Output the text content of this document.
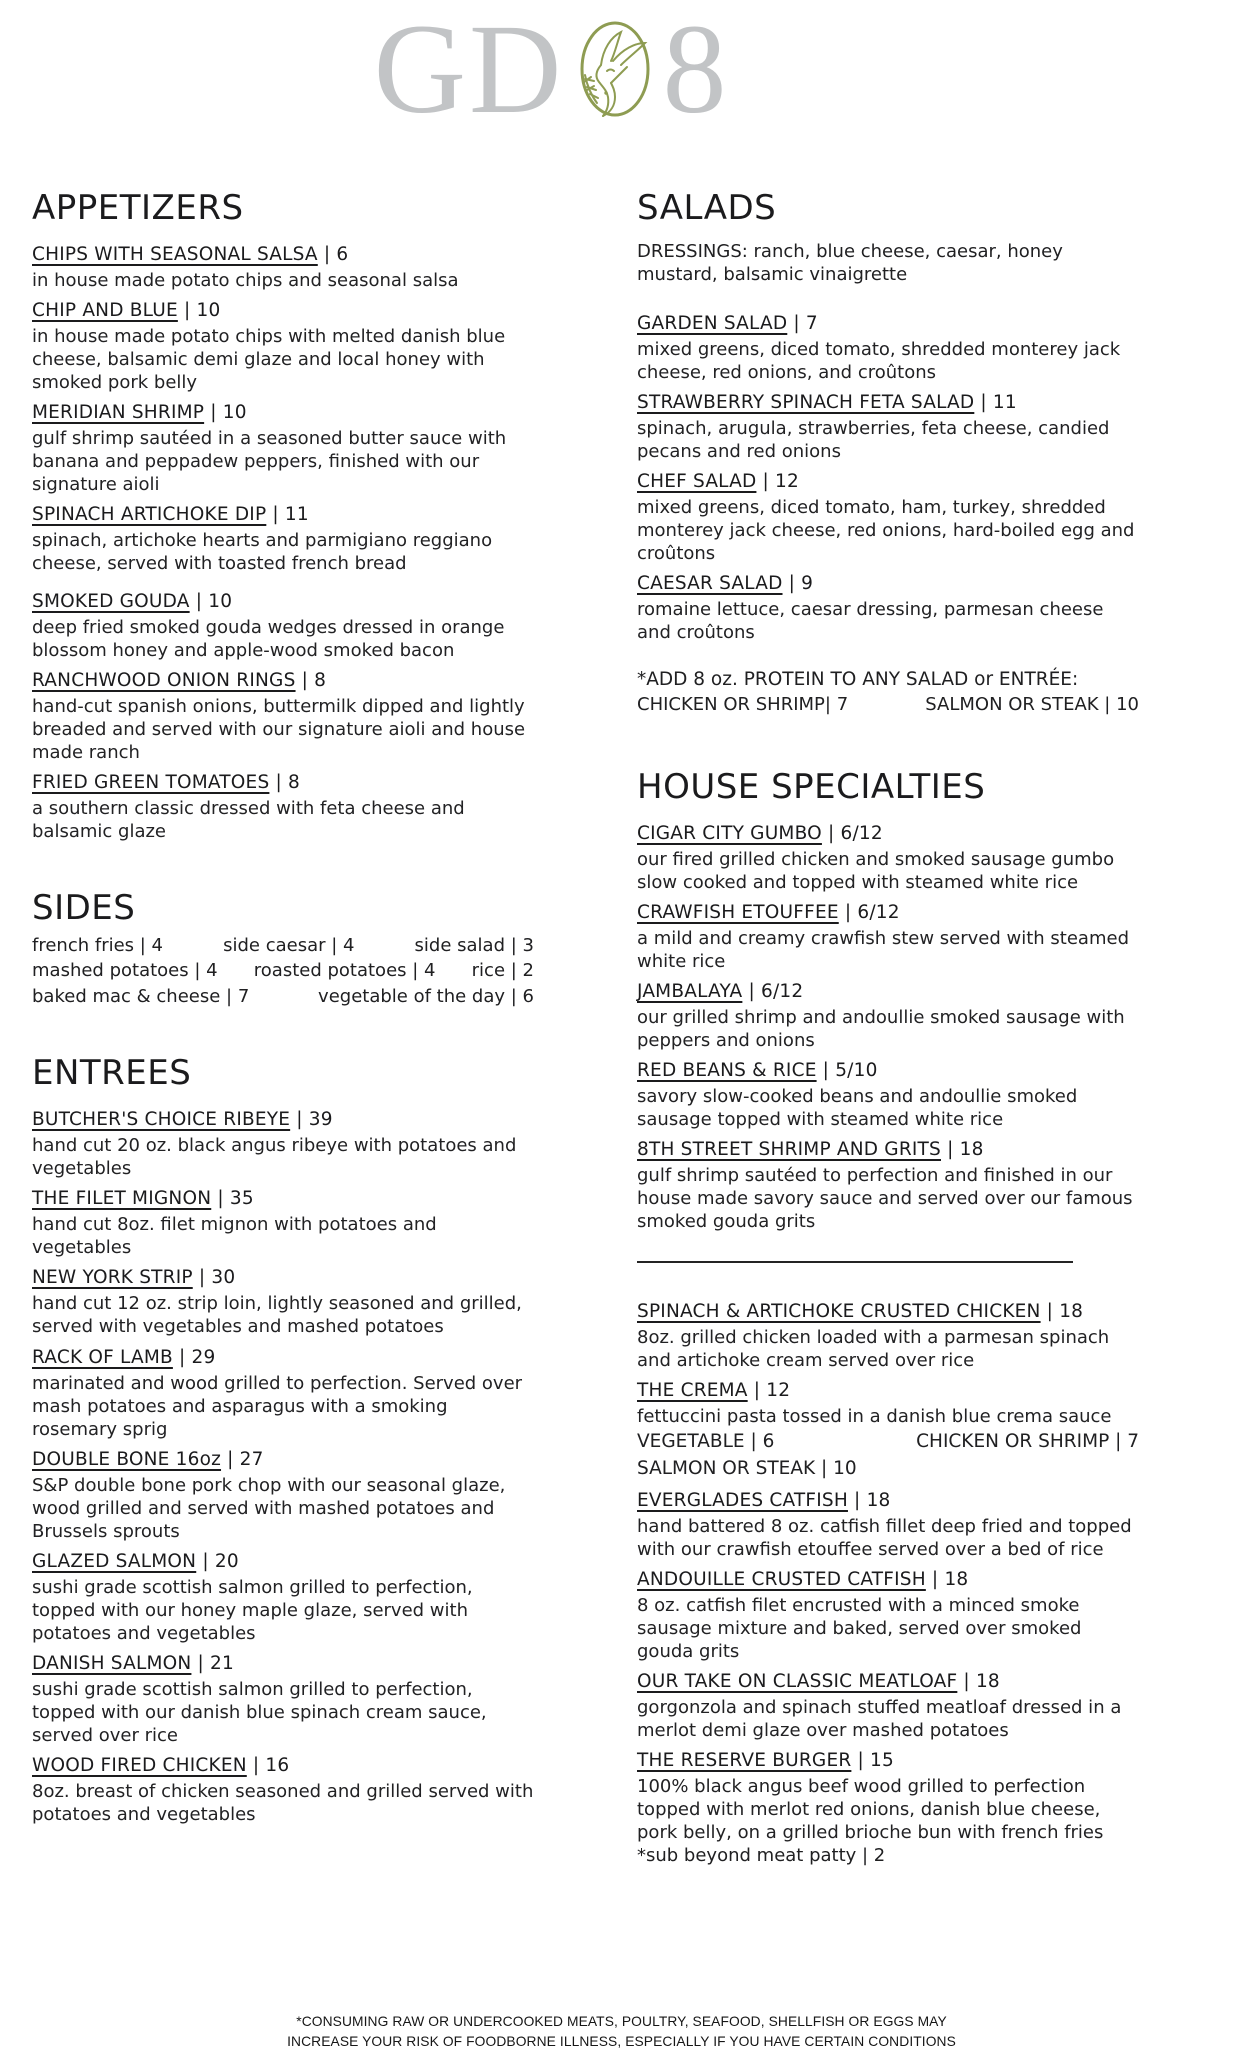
GD 8
APPETIZERS
CHIPS WITH SEASONAL SALSA | 6
in house made potato chips and seasonal salsa
CHIP AND BLUE | 10
in house made potato chips with melted danish blue cheese, balsamic demi glaze and local honey with smoked pork belly
MERIDIAN SHRIMP | 10
gulf shrimp sautéed in a seasoned butter sauce with banana and peppadew peppers, finished with our signature aioli
SPINACH ARTICHOKE DIP | 11
spinach, artichoke hearts and parmigiano reggiano cheese, served with toasted french bread
SMOKED GOUDA | 10
deep fried smoked gouda wedges dressed in orange blossom honey and apple-wood smoked bacon
RANCHWOOD ONION RINGS | 8
hand-cut spanish onions, buttermilk dipped and lightly breaded and served with our signature aioli and house made ranch
FRIED GREEN TOMATOES | 8
a southern classic dressed with feta cheese and balsamic glaze
SIDES
french fries | 4	side caesar | 4	side salad | 3
mashed potatoes | 4 roasted potatoes | 4 rice | 2
baked mac & cheese | 7	vegetable of the day | 6
ENTREES
BUTCHER'S CHOICE RIBEYE | 39
hand cut 20 oz. black angus ribeye with potatoes and vegetables
THE FILET MIGNON | 35
hand cut 8oz. filet mignon with potatoes and vegetables
NEW YORK STRIP | 30
hand cut 12 oz. strip loin, lightly seasoned and grilled, served with vegetables and mashed potatoes
RACK OF LAMB | 29
marinated and wood grilled to perfection. Served over mash potatoes and asparagus with a smoking rosemary sprig
DOUBLE BONE 16oz | 27
S&P double bone pork chop with our seasonal glaze, wood grilled and served with mashed potatoes and Brussels sprouts
GLAZED SALMON | 20
sushi grade scottish salmon grilled to perfection, topped with our honey maple glaze, served with potatoes and vegetables
DANISH SALMON | 21
sushi grade scottish salmon grilled to perfection, topped with our danish blue spinach cream sauce, served over rice
WOOD FIRED CHICKEN | 16
8oz. breast of chicken seasoned and grilled served with potatoes and vegetables
SALADS
DRESSINGS: ranch, blue cheese, caesar, honey mustard, balsamic vinaigrette
GARDEN SALAD | 7
mixed greens, diced tomato, shredded monterey jack cheese, red onions, and croûtons
STRAWBERRY SPINACH FETA SALAD | 11
spinach, arugula, strawberries, feta cheese, candied pecans and red onions
CHEF SALAD | 12
mixed greens, diced tomato, ham, turkey, shredded monterey jack cheese, red onions, hard-boiled egg and croûtons
CAESAR SALAD | 9
romaine lettuce, caesar dressing, parmesan cheese and croûtons
*ADD 8 oz. PROTEIN TO ANY SALAD or ENTRÉE:
CHICKEN OR SHRIMP| 7	SALMON OR STEAK | 10
HOUSE SPECIALTIES
CIGAR CITY GUMBO | 6/12
our fired grilled chicken and smoked sausage gumbo slow cooked and topped with steamed white rice
CRAWFISH ETOUFFEE | 6/12
a mild and creamy crawfish stew served with steamed white rice
JAMBALAYA | 6/12
our grilled shrimp and andoullie smoked sausage with peppers and onions
RED BEANS & RICE | 5/10
savory slow-cooked beans and andoullie smoked sausage topped with steamed white rice
8TH STREET SHRIMP AND GRITS | 18
gulf shrimp sautéed to perfection and finished in our house made savory sauce and served over our famous smoked gouda grits
SPINACH & ARTICHOKE CRUSTED CHICKEN | 18
8oz. grilled chicken loaded with a parmesan spinach and artichoke cream served over rice
THE CREMA | 12
fettuccini pasta tossed in a danish blue crema sauce
VEGETABLE | 6	CHICKEN OR SHRIMP | 7
SALMON OR STEAK | 10
EVERGLADES CATFISH | 18
hand battered 8 oz. catfish fillet deep fried and topped with our crawfish etouffee served over a bed of rice
ANDOUILLE CRUSTED CATFISH | 18
8 oz. catfish filet encrusted with a minced smoke sausage mixture and baked, served over smoked gouda grits
OUR TAKE ON CLASSIC MEATLOAF | 18
gorgonzola and spinach stuffed meatloaf dressed in a merlot demi glaze over mashed potatoes
THE RESERVE BURGER | 15
100% black angus beef wood grilled to perfection topped with merlot red onions, danish blue cheese, pork belly, on a grilled brioche bun with french fries
*sub beyond meat patty | 2
*CONSUMING RAW OR UNDERCOOKED MEATS, POULTRY, SEAFOOD, SHELLFISH OR EGGS MAY
INCREASE YOUR RISK OF FOODBORNE ILLNESS, ESPECIALLY IF YOU HAVE CERTAIN CONDITIONS
